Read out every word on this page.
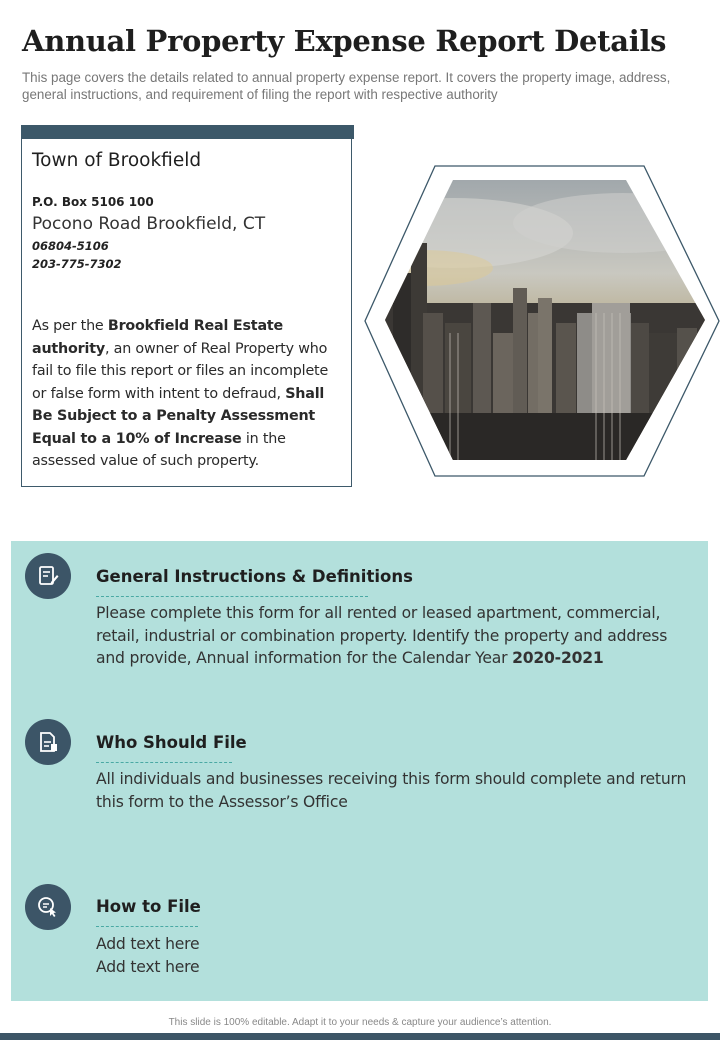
Annual Property Expense Report Details
This page covers the details related to annual property expense report. It covers the property image, address, general instructions, and requirement of filing the report with respective authority
Town of Brookfield
P.O. Box 5106 100
Pocono Road Brookfield, CT
06804-5106
203-775-7302
As per the Brookfield Real Estate authority, an owner of Real Property who fail to file this report or files an incomplete or false form with intent to defraud, Shall Be Subject to a Penalty Assessment Equal to a 10% of Increase in the assessed value of such property.
General Instructions & Definitions
Please complete this form for all rented or leased apartment, commercial, retail, industrial or combination property. Identify the property and address and provide, Annual information for the Calendar Year 2020-2021
Who Should File
All individuals and businesses receiving this form should complete and return this form to the Assessor’s Office
How to File
Add text here
Add text here
This slide is 100% editable. Adapt it to your needs & capture your audience’s attention.
